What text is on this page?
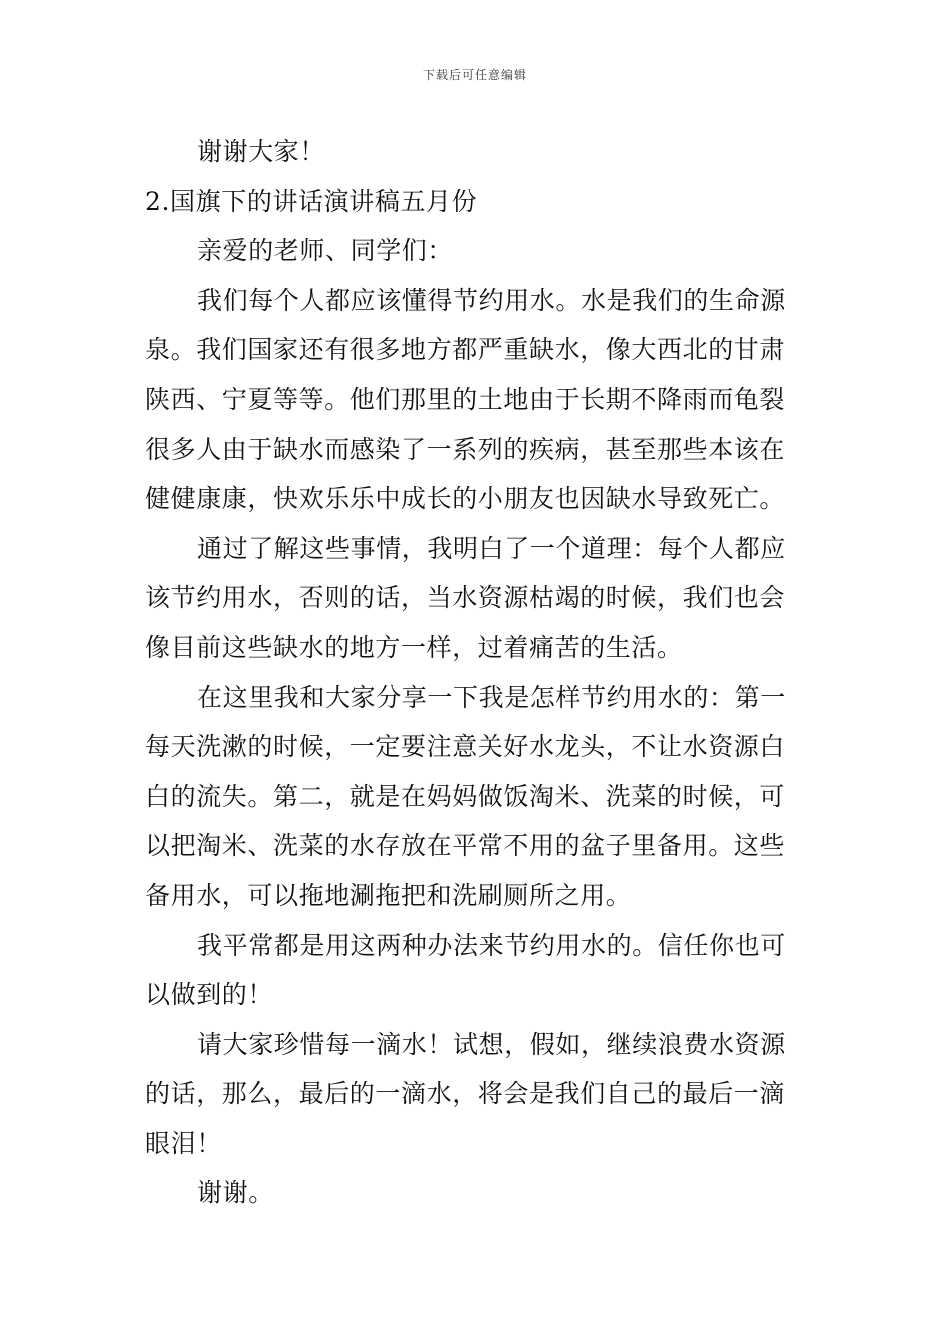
下载后可任意编辑
谢谢大家！
2.国旗下的讲话演讲稿五月份
亲爱的老师、同学们：
我们每个人都应该懂得节约用水。水是我们的生命源
泉。我们国家还有很多地方都严重缺水，像大西北的甘肃
陕西、宁夏等等。他们那里的土地由于长期不降雨而龟裂
很多人由于缺水而感染了一系列的疾病，甚至那些本该在
健健康康，快欢乐乐中成长的小朋友也因缺水导致死亡。
通过了解这些事情，我明白了一个道理：每个人都应
该节约用水，否则的话，当水资源枯竭的时候，我们也会
像目前这些缺水的地方一样，过着痛苦的生活。
在这里我和大家分享一下我是怎样节约用水的：第一
每天洗漱的时候，一定要注意关好水龙头，不让水资源白
白的流失。第二，就是在妈妈做饭淘米、洗菜的时候，可
以把淘米、洗菜的水存放在平常不用的盆子里备用。这些
备用水，可以拖地涮拖把和洗刷厕所之用。
我平常都是用这两种办法来节约用水的。信任你也可
以做到的！
请大家珍惜每一滴水！试想，假如，继续浪费水资源
的话，那么，最后的一滴水，将会是我们自己的最后一滴
眼泪！
谢谢。
